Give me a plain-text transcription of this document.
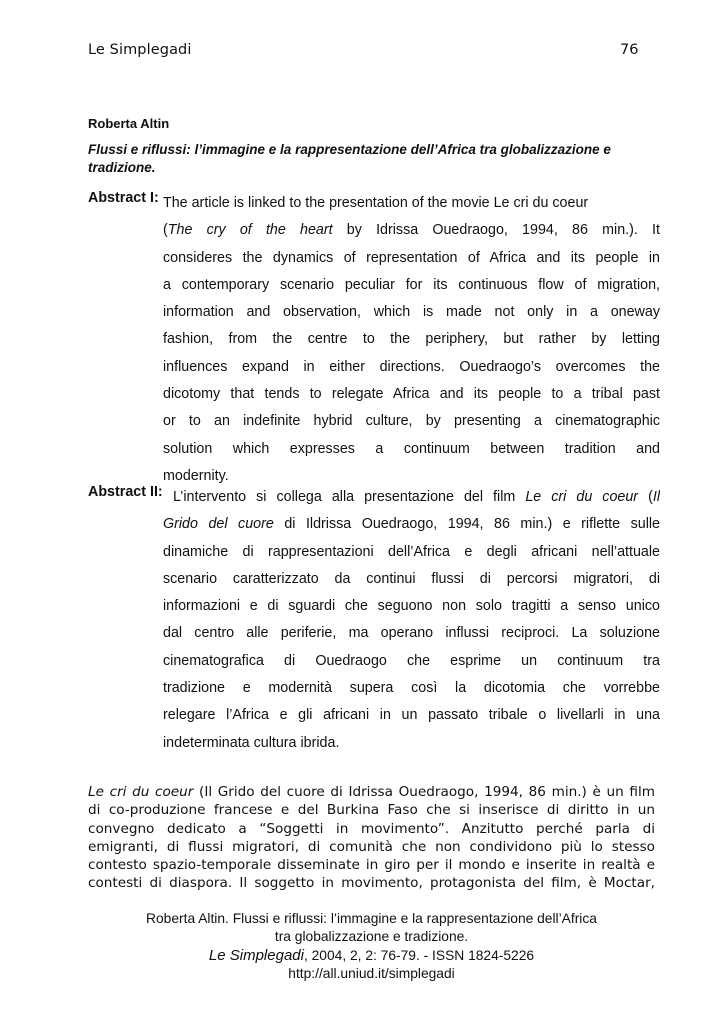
Le Simplegadi	76
Roberta Altin
Flussi e riflussi: l’immagine e la rappresentazione dell’Africa tra globalizzazione e
tradizione.
Abstract I: The article is linked to the presentation of the movie Le cri du coeur
(The cry of the heart by Idrissa Ouedraogo, 1994, 86 min.). It
consideres the dynamics of representation of Africa and its people in
a contemporary scenario peculiar for its continuous flow of migration,
information and observation, which is made not only in a oneway
fashion, from the centre to the periphery, but rather by letting
influences expand in either directions. Ouedraogo’s overcomes the
dicotomy that tends to relegate Africa and its people to a tribal past
or to an indefinite hybrid culture, by presenting a cinematographic
solution which expresses a continuum between tradition and
modernity.
Abstract II: L’intervento si collega alla presentazione del film Le cri du coeur (Il
Grido del cuore di Ildrissa Ouedraogo, 1994, 86 min.) e riflette sulle
dinamiche di rappresentazioni dell’Africa e degli africani nell’attuale
scenario caratterizzato da continui flussi di percorsi migratori, di
informazioni e di sguardi che seguono non solo tragitti a senso unico
dal centro alle periferie, ma operano influssi reciproci. La soluzione
cinematografica di Ouedraogo che esprime un continuum tra
tradizione e modernità supera così la dicotomia che vorrebbe
relegare l’Africa e gli africani in un passato tribale o livellarli in una
indeterminata cultura ibrida.
Le cri du coeur (Il Grido del cuore di Idrissa Ouedraogo, 1994, 86 min.) è un film
di co-produzione francese e del Burkina Faso che si inserisce di diritto in un
convegno dedicato a “Soggetti in movimento”. Anzitutto perché parla di
emigranti, di flussi migratori, di comunità che non condividono più lo stesso
contesto spazio-temporale disseminate in giro per il mondo e inserite in realtà e
contesti di diaspora. Il soggetto in movimento, protagonista del film, è Moctar,
Roberta Altin. Flussi e riflussi: l’immagine e la rappresentazione dell’Africa
tra globalizzazione e tradizione.
Le Simplegadi, 2004, 2, 2: 76-79. - ISSN 1824-5226
http://all.uniud.it/simplegadi
